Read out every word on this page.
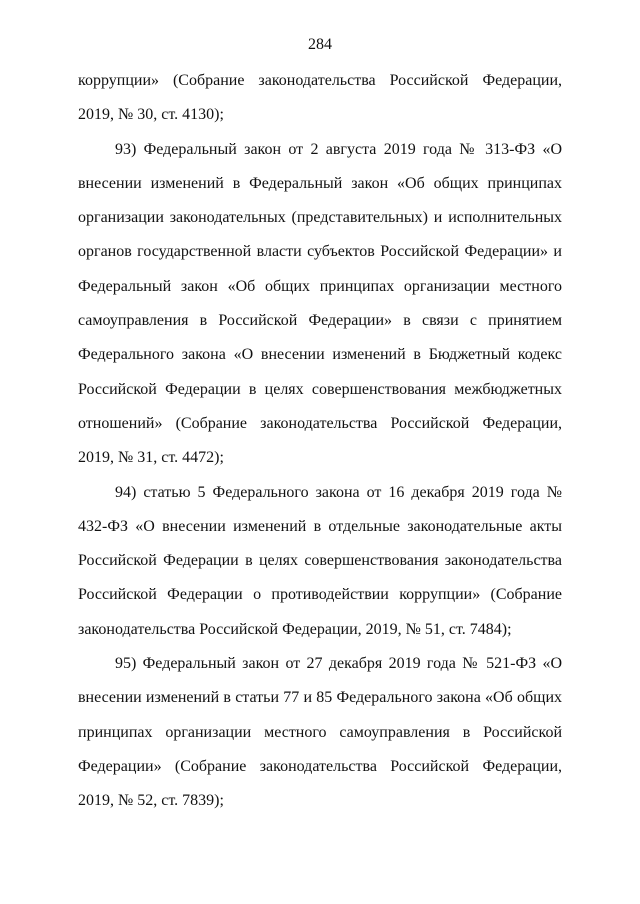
284

коррупции» (Собрание законодательства Российской Федерации, 2019, № 30, ст. 4130);

93) Федеральный закон от 2 августа 2019 года № 313-ФЗ «О внесении изменений в Федеральный закон «Об общих принципах организации законодательных (представительных) и исполнительных органов государственной власти субъектов Российской Федерации» и Федеральный закон «Об общих принципах организации местного самоуправления в Российской Федерации» в связи с принятием Федерального закона «О внесении изменений в Бюджетный кодекс Российской Федерации в целях совершенствования межбюджетных отношений» (Собрание законодательства Российской Федерации, 2019, № 31, ст. 4472);

94) статью 5 Федерального закона от 16 декабря 2019 года № 432-ФЗ «О внесении изменений в отдельные законодательные акты Российской Федерации в целях совершенствования законодательства Российской Федерации о противодействии коррупции» (Собрание законодательства Российской Федерации, 2019, № 51, ст. 7484);

95) Федеральный закон от 27 декабря 2019 года № 521-ФЗ «О внесении изменений в статьи 77 и 85 Федерального закона «Об общих принципах организации местного самоуправления в Российской Федерации» (Собрание законодательства Российской Федерации, 2019, № 52, ст. 7839);
